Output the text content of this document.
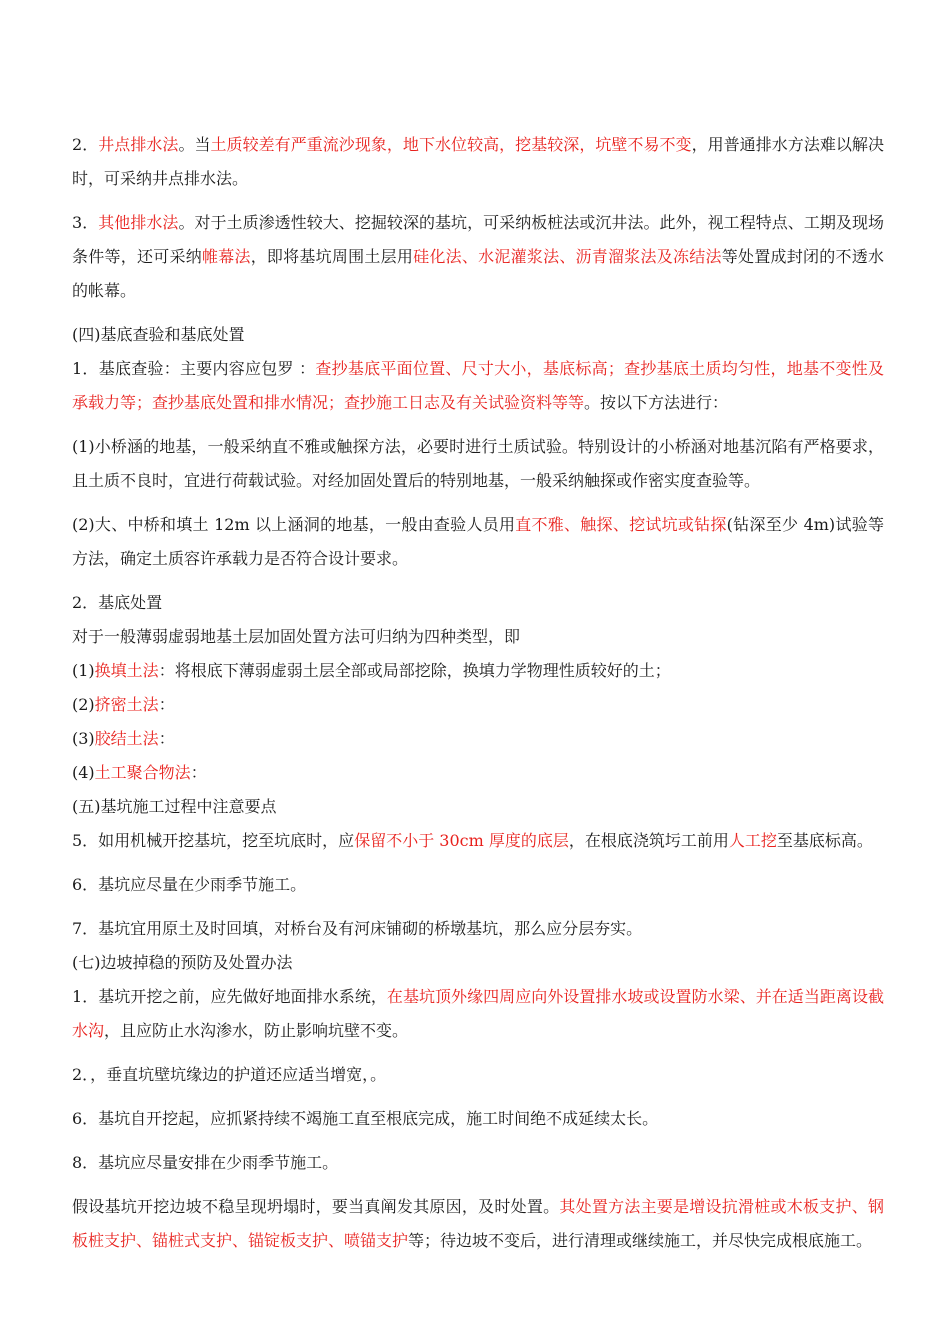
2．井点排水法。当土质较差有严重流沙现象，地下水位较高，挖基较深，坑壁不易不变，用普通排水方法难以解决时，可采纳井点排水法。
3．其他排水法。对于土质渗透性较大、挖掘较深的基坑，可采纳板桩法或沉井法。此外，视工程特点、工期及现场条件等，还可采纳帷幕法，即将基坑周围土层用硅化法、水泥灌浆法、沥青溜浆法及冻结法等处置成封闭的不透水的帐幕。
(四)基底查验和基底处置
1．基底查验：主要内容应包罗 ：查抄基底平面位置、尺寸大小，基底标高；查抄基底土质均匀性，地基不变性及承载力等；查抄基底处置和排水情况；查抄施工日志及有关试验资料等等。按以下方法进行：
(1)小桥涵的地基，一般采纳直不雅或触探方法，必要时进行土质试验。特别设计的小桥涵对地基沉陷有严格要求，且土质不良时，宜进行荷载试验。对经加固处置后的特别地基，一般采纳触探或作密实度查验等。
(2)大、中桥和填土 12m 以上涵洞的地基，一般由查验人员用直不雅、触探、挖试坑或钻探(钻深至少 4m)试验等方法，确定土质容许承载力是否符合设计要求。
2．基底处置
对于一般薄弱虚弱地基土层加固处置方法可归纳为四种类型，即
(1)换填土法：将根底下薄弱虚弱土层全部或局部挖除，换填力学物理性质较好的土；
(2)挤密土法：
(3)胶结土法：
(4)土工聚合物法：
(五)基坑施工过程中注意要点
5．如用机械开挖基坑，挖至坑底时，应保留不小于 30cm 厚度的底层，在根底浇筑圬工前用人工挖至基底标高。
6．基坑应尽量在少雨季节施工。
7．基坑宜用原土及时回填，对桥台及有河床铺砌的桥墩基坑，那么应分层夯实。
(七)边坡掉稳的预防及处置办法
1．基坑开挖之前，应先做好地面排水系统，在基坑顶外缘四周应向外设置排水坡或设置防水梁、并在适当距离设截水沟，且应防止水沟渗水，防止影响坑壁不变。
2．，垂直坑壁坑缘边的护道还应适当增宽，。
6．基坑自开挖起，应抓紧持续不竭施工直至根底完成，施工时间绝不成延续太长。
8．基坑应尽量安排在少雨季节施工。
假设基坑开挖边坡不稳呈现坍塌时，要当真阐发其原因，及时处置。其处置方法主要是增设抗滑桩或木板支护、钢板桩支护、锚桩式支护、锚锭板支护、喷锚支护等；待边坡不变后，进行清理或继续施工，并尽快完成根底施工。
